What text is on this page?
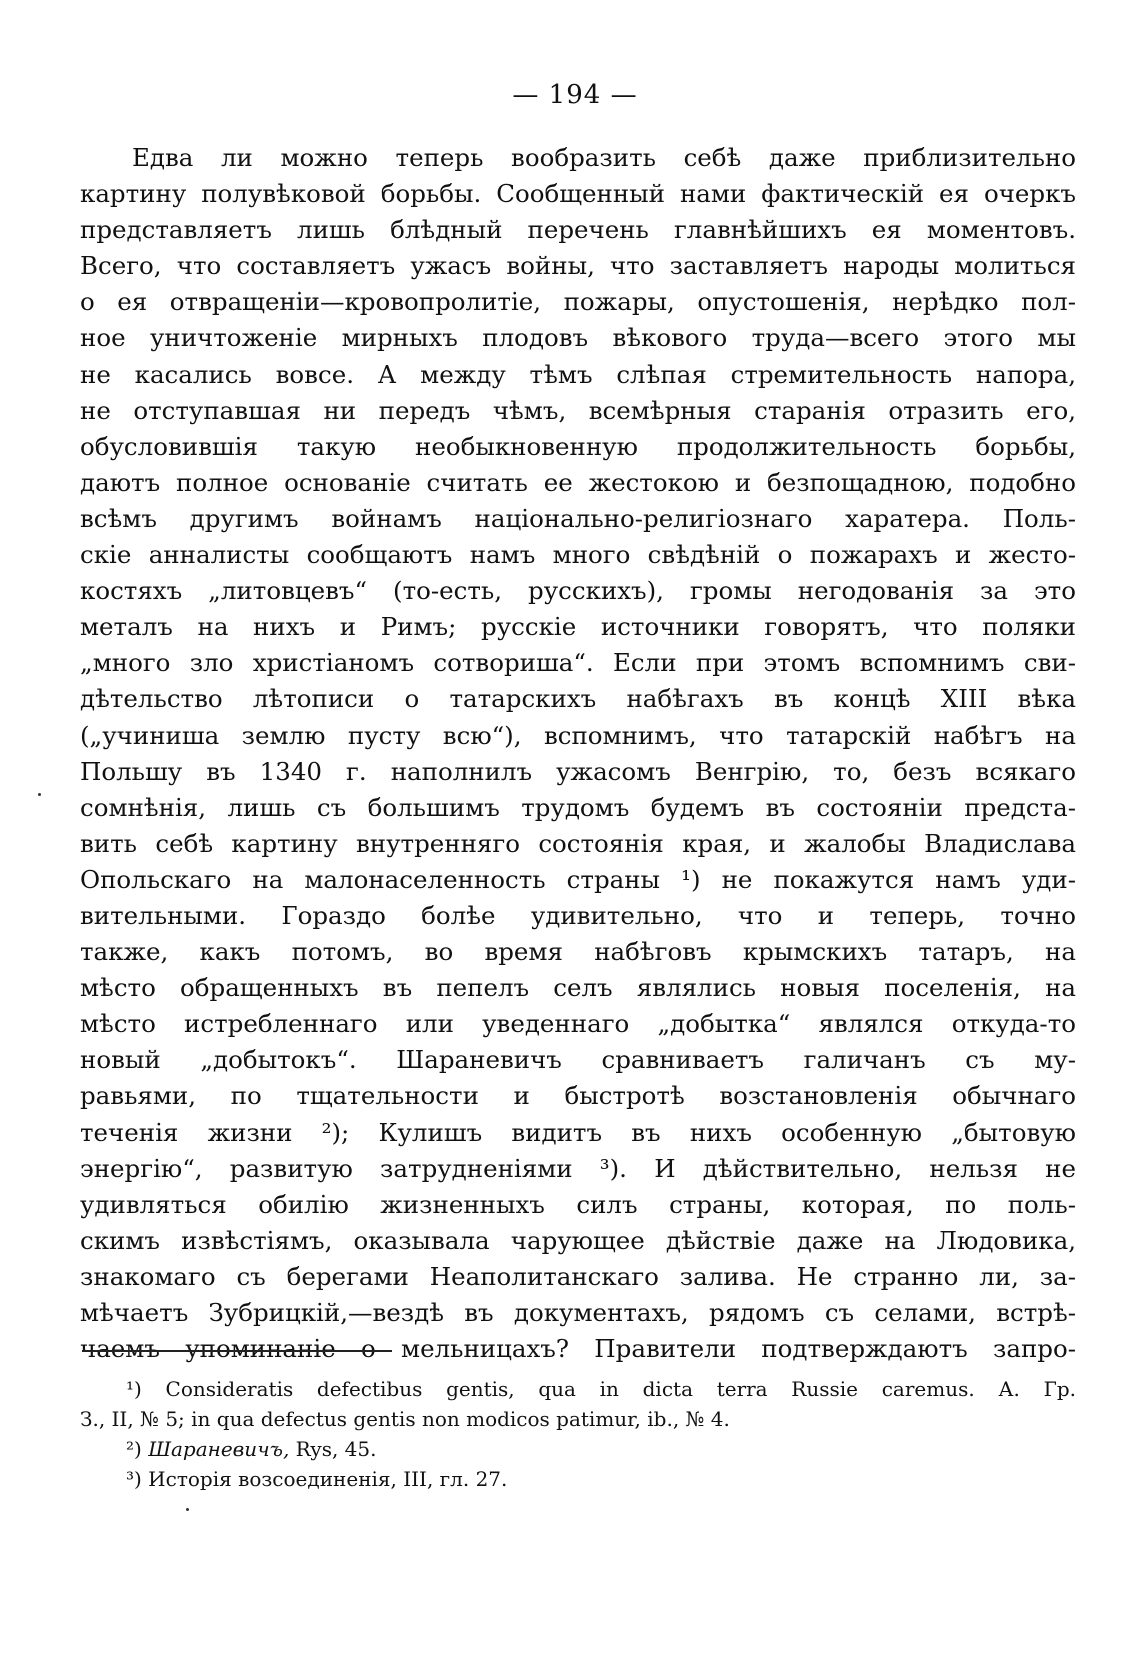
— 194 —
Едва ли можно теперь вообразить себѣ даже приблизительно
картину полувѣковой борьбы. Сообщенный нами фактическій ея очеркъ
представляетъ лишь блѣдный перечень главнѣйшихъ ея моментовъ.
Всего, что составляетъ ужасъ войны, что заставляетъ народы молиться
о ея отвращеніи—кровопролитіе, пожары, опустошенія, нерѣдко пол-
ное уничтоженіе мирныхъ плодовъ вѣкового труда—всего этого мы
не касались вовсе. А между тѣмъ слѣпая стремительность напора,
не отступавшая ни передъ чѣмъ, всемѣрныя старанія отразить его,
обусловившія такую необыкновенную продолжительность борьбы,
даютъ полное основаніе считать ее жестокою и безпощадною, подобно
всѣмъ другимъ войнамъ національно-религіознаго харатера. Поль-
скіе анналисты сообщаютъ намъ много свѣдѣній о пожарахъ и жесто-
костяхъ „литовцевъ“ (то-есть, русскихъ), громы негодованія за это
металъ на нихъ и Римъ; русскіе источники говорятъ, что поляки
„много зло христіаномъ сотвориша“. Если при этомъ вспомнимъ сви-
дѣтельство лѣтописи о татарскихъ набѣгахъ въ концѣ XIII вѣка
(„учиниша землю пусту всю“), вспомнимъ, что татарскій набѣгъ на
Польшу въ 1340 г. наполнилъ ужасомъ Венгрію, то, безъ всякаго
сомнѣнія, лишь съ большимъ трудомъ будемъ въ состояніи предста-
вить себѣ картину внутренняго состоянія края, и жалобы Владислава
Опольскаго на малонаселенность страны ¹) не покажутся намъ уди-
вительными. Гораздо болѣе удивительно, что и теперь, точно
также, какъ потомъ, во время набѣговъ крымскихъ татаръ, на
мѣсто обращенныхъ въ пепелъ селъ являлись новыя поселенія, на
мѣсто истребленнаго или уведеннаго „добытка“ являлся откуда-то
новый „добытокъ“. Шараневичъ сравниваетъ галичанъ съ му-
равьями, по тщательности и быстротѣ возстановленія обычнаго
теченія жизни ²); Кулишъ видитъ въ нихъ особенную „бытовую
энергію“, развитую затрудненіями ³). И дѣйствительно, нельзя не
удивляться обилію жизненныхъ силъ страны, которая, по поль-
скимъ извѣстіямъ, оказывала чарующее дѣйствіе даже на Людовика,
знакомаго съ берегами Неаполитанскаго залива. Не странно ли, за-
мѣчаетъ Зубрицкій,—вездѣ въ документахъ, рядомъ съ селами, встрѣ-
чаемъ упоминаніе о мельницахъ? Правители подтверждаютъ запро-
¹) Consideratis defectibus gentis, qua in dicta terra Russie caremus. А. Гр.
З., II, № 5; in qua defectus gentis non modicos patimur, ib., № 4.
²) Шараневичъ, Rys, 45.
³) Исторія возсоединенія, III, гл. 27.
